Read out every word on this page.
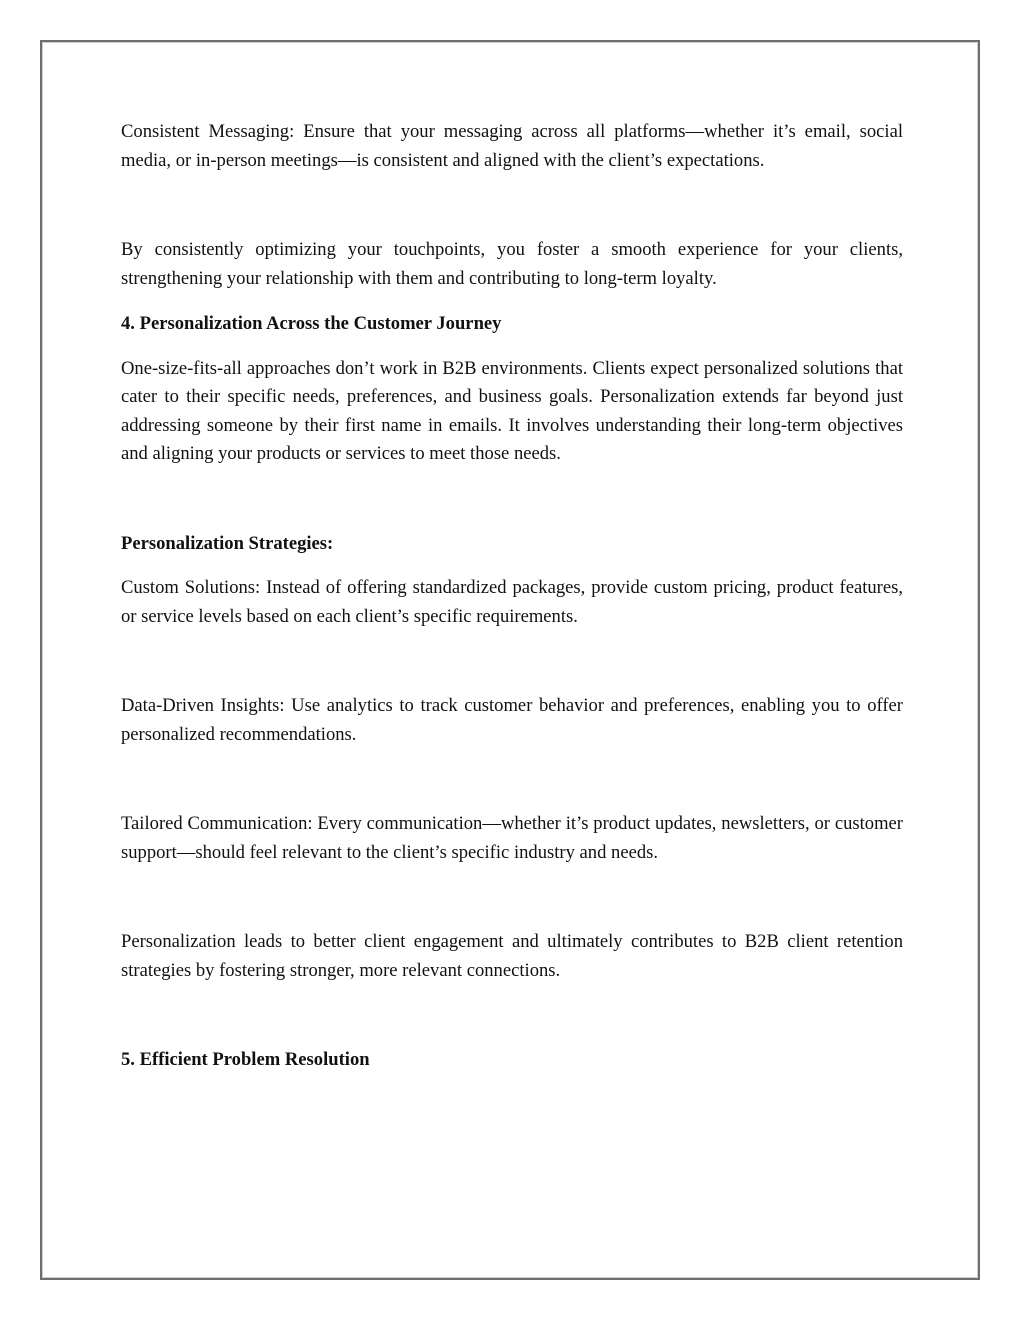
Consistent Messaging: Ensure that your messaging across all platforms—whether it’s email, social media, or in-person meetings—is consistent and aligned with the client’s expectations.

By consistently optimizing your touchpoints, you foster a smooth experience for your clients, strengthening your relationship with them and contributing to long-term loyalty.

4. Personalization Across the Customer Journey

One-size-fits-all approaches don’t work in B2B environments. Clients expect personalized solutions that cater to their specific needs, preferences, and business goals. Personalization extends far beyond just addressing someone by their first name in emails. It involves understanding their long-term objectives and aligning your products or services to meet those needs.

Personalization Strategies:

Custom Solutions: Instead of offering standardized packages, provide custom pricing, product features, or service levels based on each client’s specific requirements.

Data-Driven Insights: Use analytics to track customer behavior and preferences, enabling you to offer personalized recommendations.

Tailored Communication: Every communication—whether it’s product updates, newsletters, or customer support—should feel relevant to the client’s specific industry and needs.

Personalization leads to better client engagement and ultimately contributes to B2B client retention strategies by fostering stronger, more relevant connections.

5. Efficient Problem Resolution
